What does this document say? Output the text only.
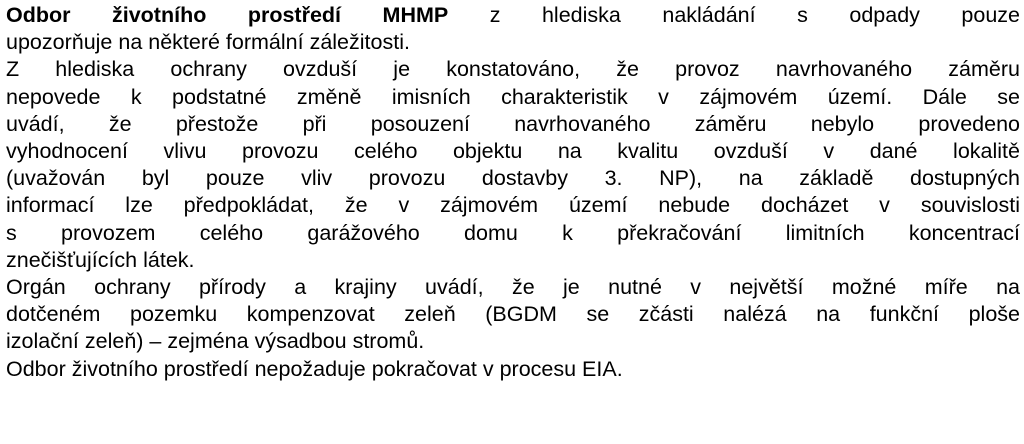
Odbor životního prostředí MHMP z hlediska nakládání s odpady pouze
upozorňuje na některé formální záležitosti.

Z hlediska ochrany ovzduší je konstatováno, že provoz navrhovaného záměru
nepovede k podstatné změně imisních charakteristik v zájmovém území. Dále se
uvádí, že přestože při posouzení navrhovaného záměru nebylo provedeno
vyhodnocení vlivu provozu celého objektu na kvalitu ovzduší v dané lokalitě
(uvažován byl pouze vliv provozu dostavby 3. NP), na základě dostupných
informací lze předpokládat, že v zájmovém území nebude docházet v souvislosti
s provozem celého garážového domu k překračování limitních koncentrací
znečišťujících látek.

Orgán ochrany přírody a krajiny uvádí, že je nutné v největší možné míře na
dotčeném pozemku kompenzovat zeleň (BGDM se zčásti nalézá na funkční ploše
izolační zeleň) – zejména výsadbou stromů.

Odbor životního prostředí nepožaduje pokračovat v procesu EIA.
